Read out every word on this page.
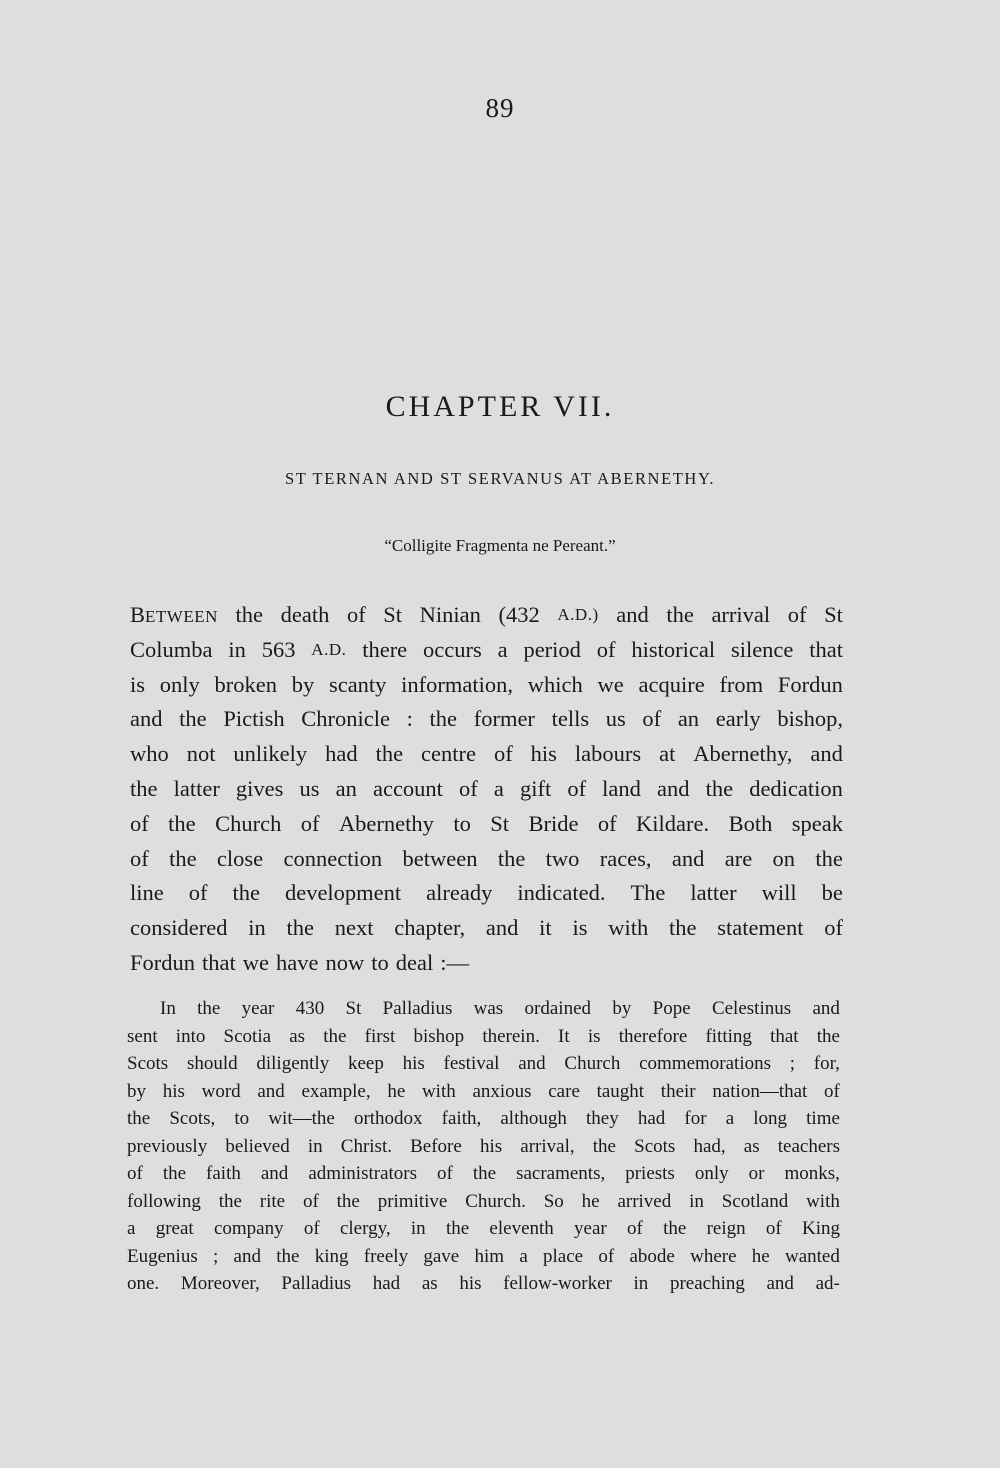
89
CHAPTER VII.
ST TERNAN AND ST SERVANUS AT ABERNETHY.
“Colligite Fragmenta ne Pereant.”
BETWEEN the death of St Ninian (432 A.D.) and the arrival of St
Columba in 563 A.D. there occurs a period of historical silence that
is only broken by scanty information, which we acquire from Fordun
and the Pictish Chronicle : the former tells us of an early bishop,
who not unlikely had the centre of his labours at Abernethy, and
the latter gives us an account of a gift of land and the dedication
of the Church of Abernethy to St Bride of Kildare. Both speak
of the close connection between the two races, and are on the
line of the development already indicated. The latter will be
considered in the next chapter, and it is with the statement of
Fordun that we have now to deal :—
In the year 430 St Palladius was ordained by Pope Celestinus and
sent into Scotia as the first bishop therein. It is therefore fitting that the
Scots should diligently keep his festival and Church commemorations ; for,
by his word and example, he with anxious care taught their nation—that of
the Scots, to wit—the orthodox faith, although they had for a long time
previously believed in Christ. Before his arrival, the Scots had, as teachers
of the faith and administrators of the sacraments, priests only or monks,
following the rite of the primitive Church. So he arrived in Scotland with
a great company of clergy, in the eleventh year of the reign of King
Eugenius ; and the king freely gave him a place of abode where he wanted
one. Moreover, Palladius had as his fellow-worker in preaching and ad-
